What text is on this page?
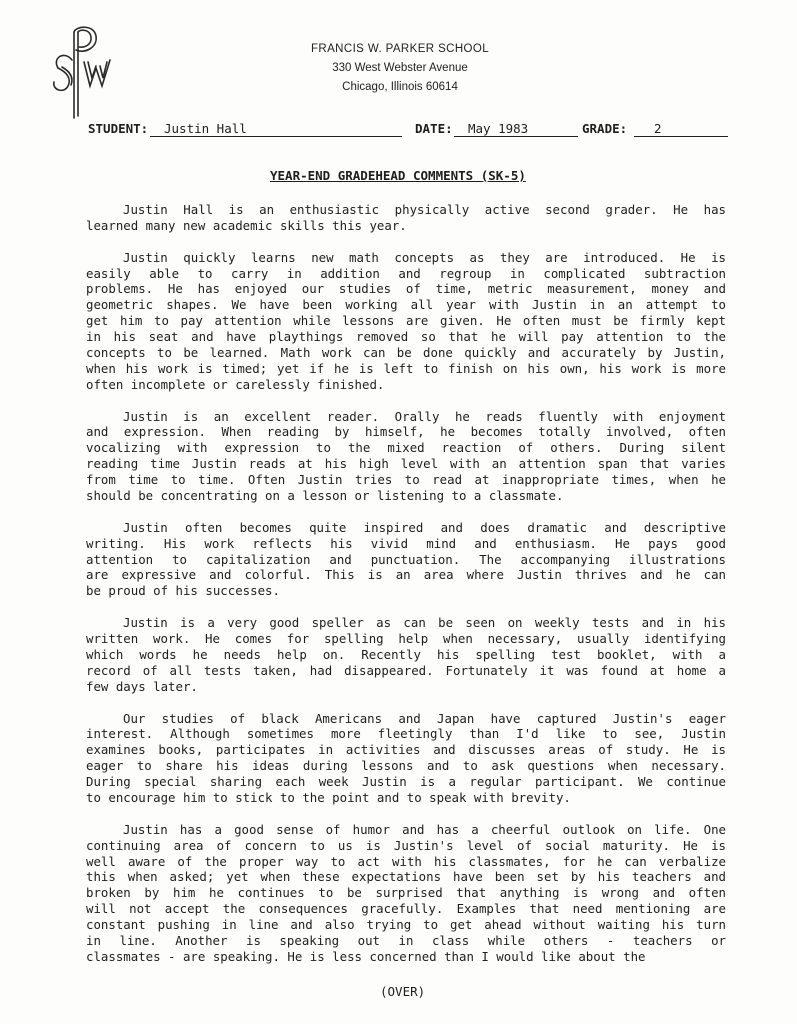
FRANCIS W. PARKER SCHOOL
330 West Webster Avenue
Chicago, Illinois 60614
STUDENT:	Justin Hall	DATE:	May 1983	GRADE:	2
YEAR-END GRADEHEAD COMMENTS (SK-5)
Justin Hall is an enthusiastic physically active second grader. He has
learned many new academic skills this year.
Justin quickly learns new math concepts as they are introduced. He is
easily able to carry in addition and regroup in complicated subtraction
problems. He has enjoyed our studies of time, metric measurement, money and
geometric shapes. We have been working all year with Justin in an attempt to
get him to pay attention while lessons are given. He often must be firmly kept
in his seat and have playthings removed so that he will pay attention to the
concepts to be learned. Math work can be done quickly and accurately by Justin,
when his work is timed; yet if he is left to finish on his own, his work is more
often incomplete or carelessly finished.
Justin is an excellent reader. Orally he reads fluently with enjoyment
and expression. When reading by himself, he becomes totally involved, often
vocalizing with expression to the mixed reaction of others. During silent
reading time Justin reads at his high level with an attention span that varies
from time to time. Often Justin tries to read at inappropriate times, when he
should be concentrating on a lesson or listening to a classmate.
Justin often becomes quite inspired and does dramatic and descriptive
writing. His work reflects his vivid mind and enthusiasm. He pays good
attention to capitalization and punctuation. The accompanying illustrations
are expressive and colorful. This is an area where Justin thrives and he can
be proud of his successes.
Justin is a very good speller as can be seen on weekly tests and in his
written work. He comes for spelling help when necessary, usually identifying
which words he needs help on. Recently his spelling test booklet, with a
record of all tests taken, had disappeared. Fortunately it was found at home a
few days later.
Our studies of black Americans and Japan have captured Justin's eager
interest. Although sometimes more fleetingly than I'd like to see, Justin
examines books, participates in activities and discusses areas of study. He is
eager to share his ideas during lessons and to ask questions when necessary.
During special sharing each week Justin is a regular participant. We continue
to encourage him to stick to the point and to speak with brevity.
Justin has a good sense of humor and has a cheerful outlook on life. One
continuing area of concern to us is Justin's level of social maturity. He is
well aware of the proper way to act with his classmates, for he can verbalize
this when asked; yet when these expectations have been set by his teachers and
broken by him he continues to be surprised that anything is wrong and often
will not accept the consequences gracefully. Examples that need mentioning are
constant pushing in line and also trying to get ahead without waiting his turn
in line. Another is speaking out in class while others - teachers or
classmates - are speaking. He is less concerned than I would like about the
(OVER)
